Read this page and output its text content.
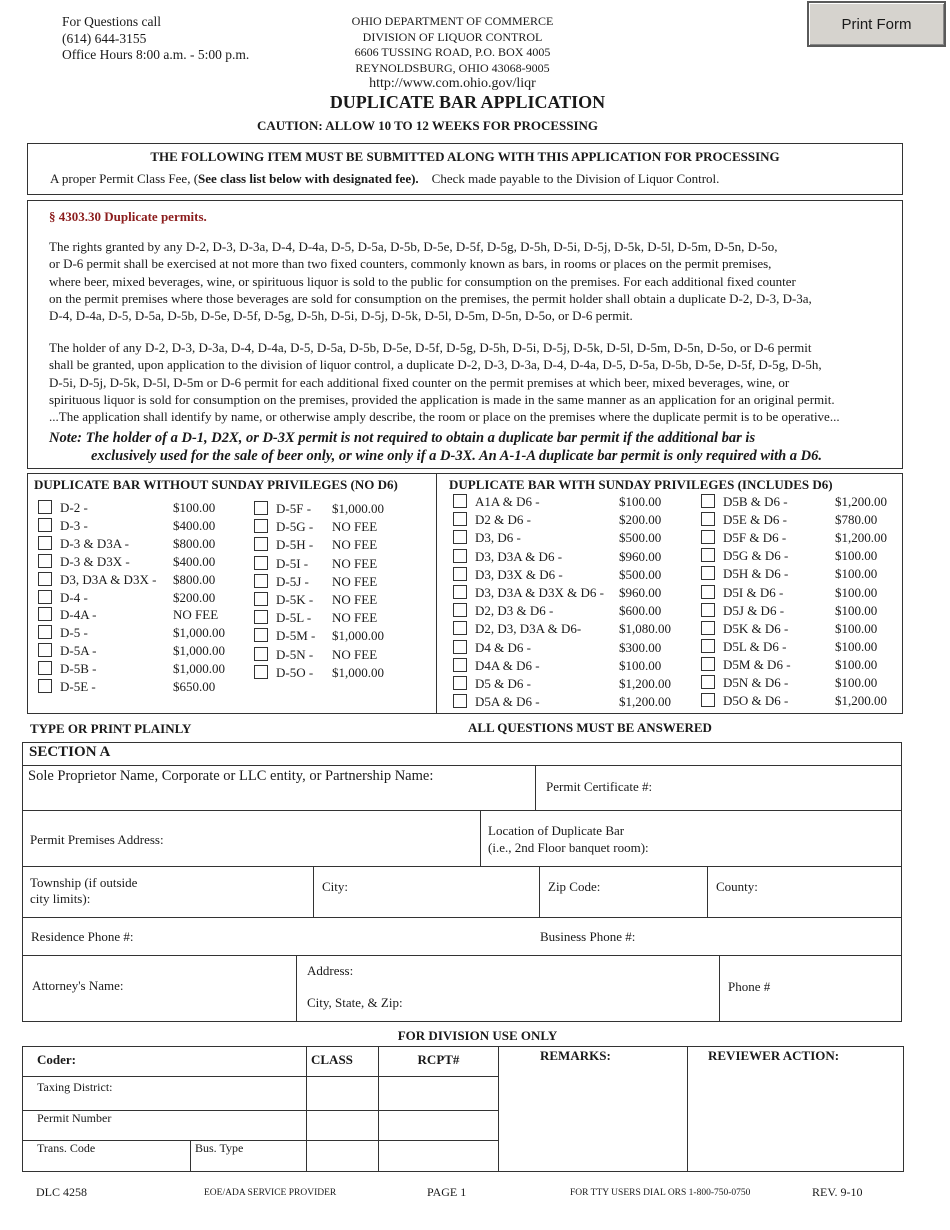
For Questions call
(614) 644-3155
Office Hours 8:00 a.m. - 5:00 p.m.
OHIO DEPARTMENT OF COMMERCE
DIVISION OF LIQUOR CONTROL
6606 TUSSING ROAD, P.O. BOX 4005
REYNOLDSBURG, OHIO 43068-9005
http://www.com.ohio.gov/liqr
Print Form
DUPLICATE BAR APPLICATION
CAUTION: ALLOW 10 TO 12 WEEKS FOR PROCESSING
THE FOLLOWING ITEM MUST BE SUBMITTED ALONG WITH THIS APPLICATION FOR PROCESSING
A proper Permit Class Fee, (See class list below with designated fee).    Check made payable to the Division of Liquor Control.
§ 4303.30 Duplicate permits.
The rights granted by any D-2, D-3, D-3a, D-4, D-4a, D-5, D-5a, D-5b, D-5e, D-5f, D-5g, D-5h, D-5i, D-5j, D-5k, D-5l, D-5m, D-5n, D-5o,
or D-6 permit shall be exercised at not more than two fixed counters, commonly known as bars, in rooms or places on the permit premises,
where beer, mixed beverages, wine, or spirituous liquor is sold to the public for consumption on the premises. For each additional fixed counter
on the permit premises where those beverages are sold for consumption on the premises, the permit holder shall obtain a duplicate D-2, D-3, D-3a,
D-4, D-4a, D-5, D-5a, D-5b, D-5e, D-5f, D-5g, D-5h, D-5i, D-5j, D-5k, D-5l, D-5m, D-5n, D-5o, or D-6 permit.
The holder of any D-2, D-3, D-3a, D-4, D-4a, D-5, D-5a, D-5b, D-5e, D-5f, D-5g, D-5h, D-5i, D-5j, D-5k, D-5l, D-5m, D-5n, D-5o, or D-6 permit
shall be granted, upon application to the division of liquor control, a duplicate D-2, D-3, D-3a, D-4, D-4a, D-5, D-5a, D-5b, D-5e, D-5f, D-5g, D-5h,
D-5i, D-5j, D-5k, D-5l, D-5m or D-6 permit for each additional fixed counter on the permit premises at which beer, mixed beverages, wine, or
spirituous liquor is sold for consumption on the premises, provided the application is made in the same manner as an application for an original permit.
...The application shall identify by name, or otherwise amply describe, the room or place on the premises where the duplicate permit is to be operative...
Note: The holder of a D-1, D2X, or D-3X permit is not required to obtain a duplicate bar permit if the additional bar is
exclusively used for the sale of beer only, or wine only if a D-3X. An A-1-A duplicate bar permit is only required with a D6.
DUPLICATE BAR WITHOUT SUNDAY PRIVILEGES (NO D6)	DUPLICATE BAR WITH SUNDAY PRIVILEGES (INCLUDES D6)
D-2 -	$100.00
D-3 -	$400.00
D-3 & D3A -	$800.00
D-3 & D3X -	$400.00
D3, D3A & D3X - $800.00
D-4 -	$200.00
D-4A -	NO FEE
D-5 -	$1,000.00
D-5A -	$1,000.00
D-5B -	$1,000.00
D-5E -	$650.00
D-5F - $1,000.00
D-5G - NO FEE
D-5H - NO FEE
D-5I - NO FEE
D-5J - NO FEE
D-5K - NO FEE
D-5L - NO FEE
D-5M - $1,000.00
D-5N - NO FEE
D-5O - $1,000.00
A1A & D6 -	$100.00
D2 & D6 -	$200.00
D3, D6 -	$500.00
D3, D3A & D6 -	$960.00
D3, D3X & D6 -	$500.00
D3, D3A & D3X & D6 - $960.00
D2, D3 & D6 -	$600.00
D2, D3, D3A & D6-	$1,080.00
D4 & D6 -	$300.00
D4A & D6 -	$100.00
D5 & D6 -	$1,200.00
D5A & D6 -	$1,200.00
D5B & D6 -	$1,200.00
D5E & D6 -	$780.00
D5F & D6 -	$1,200.00
D5G & D6 -	$100.00
D5H & D6 -	$100.00
D5I & D6 -	$100.00
D5J & D6 -	$100.00
D5K & D6 -	$100.00
D5L & D6 -	$100.00
D5M & D6 -	$100.00
D5N & D6 -	$100.00
D5O & D6 -	$1,200.00
TYPE OR PRINT PLAINLY	ALL QUESTIONS MUST BE ANSWERED
SECTION A
Sole Proprietor Name, Corporate or LLC entity, or Partnership Name:
Permit Certificate #:
Permit Premises Address:
Location of Duplicate Bar
(i.e., 2nd Floor banquet room):
Township (if outside
city limits):
City:	Zip Code:	County:
Residence Phone #:	Business Phone #:
Attorney's Name:
Address:
City, State, & Zip:
Phone #
FOR DIVISION USE ONLY
Coder:	CLASS	RCPT#	REMARKS:	REVIEWER ACTION:
Taxing District:
Permit Number
Trans. Code	Bus. Type
DLC 4258	EOE/ADA SERVICE PROVIDER	PAGE 1	FOR TTY USERS DIAL ORS 1-800-750-0750	REV. 9-10
